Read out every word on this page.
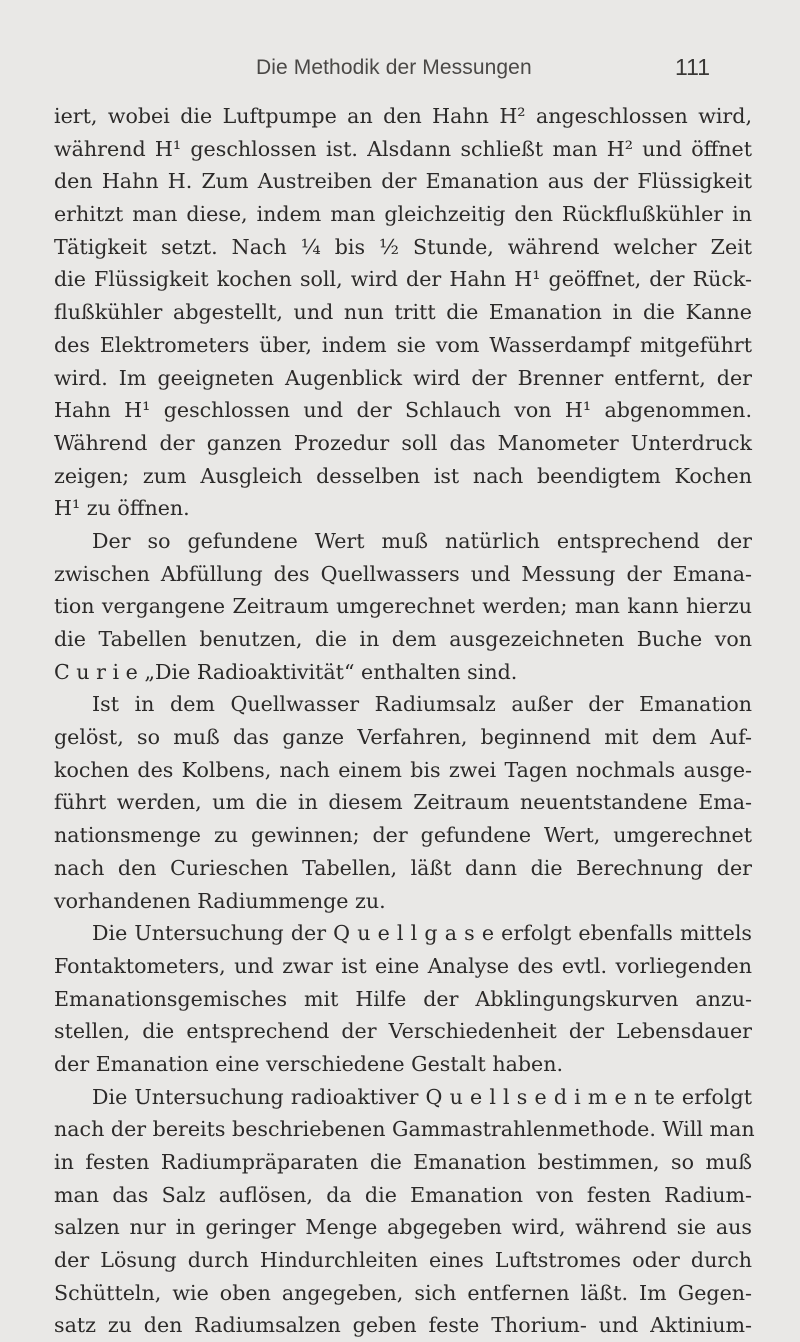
Die Methodik der Messungen	111
iert, wobei die Luftpumpe an den Hahn H² angeschlossen wird,
während H¹ geschlossen ist. Alsdann schließt man H² und öffnet
den Hahn H. Zum Austreiben der Emanation aus der Flüssigkeit
erhitzt man diese, indem man gleichzeitig den Rückflußkühler in
Tätigkeit setzt. Nach ¼ bis ½ Stunde, während welcher Zeit
die Flüssigkeit kochen soll, wird der Hahn H¹ geöffnet, der Rück-
flußkühler abgestellt, und nun tritt die Emanation in die Kanne
des Elektrometers über, indem sie vom Wasserdampf mitgeführt
wird. Im geeigneten Augenblick wird der Brenner entfernt, der
Hahn H¹ geschlossen und der Schlauch von H¹ abgenommen.
Während der ganzen Prozedur soll das Manometer Unterdruck
zeigen; zum Ausgleich desselben ist nach beendigtem Kochen
H¹ zu öffnen.
Der so gefundene Wert muß natürlich entsprechend der
zwischen Abfüllung des Quellwassers und Messung der Emana-
tion vergangene Zeitraum umgerechnet werden; man kann hierzu
die Tabellen benutzen, die in dem ausgezeichneten Buche von
C u r i e „Die Radioaktivität“ enthalten sind.
Ist in dem Quellwasser Radiumsalz außer der Emanation
gelöst, so muß das ganze Verfahren, beginnend mit dem Auf-
kochen des Kolbens, nach einem bis zwei Tagen nochmals ausge-
führt werden, um die in diesem Zeitraum neuentstandene Ema-
nationsmenge zu gewinnen; der gefundene Wert, umgerechnet
nach den Curieschen Tabellen, läßt dann die Berechnung der
vorhandenen Radiummenge zu.
Die Untersuchung der Q u e l l g a s e erfolgt ebenfalls mittels
Fontaktometers, und zwar ist eine Analyse des evtl. vorliegenden
Emanationsgemisches mit Hilfe der Abklingungskurven anzu-
stellen, die entsprechend der Verschiedenheit der Lebensdauer
der Emanation eine verschiedene Gestalt haben.
Die Untersuchung radioaktiver Q u e l l s e d i m e n te erfolgt
nach der bereits beschriebenen Gammastrahlenmethode. Will man
in festen Radiumpräparaten die Emanation bestimmen, so muß
man das Salz auflösen, da die Emanation von festen Radium-
salzen nur in geringer Menge abgegeben wird, während sie aus
der Lösung durch Hindurchleiten eines Luftstromes oder durch
Schütteln, wie oben angegeben, sich entfernen läßt. Im Gegen-
satz zu den Radiumsalzen geben feste Thorium- und Aktinium-
